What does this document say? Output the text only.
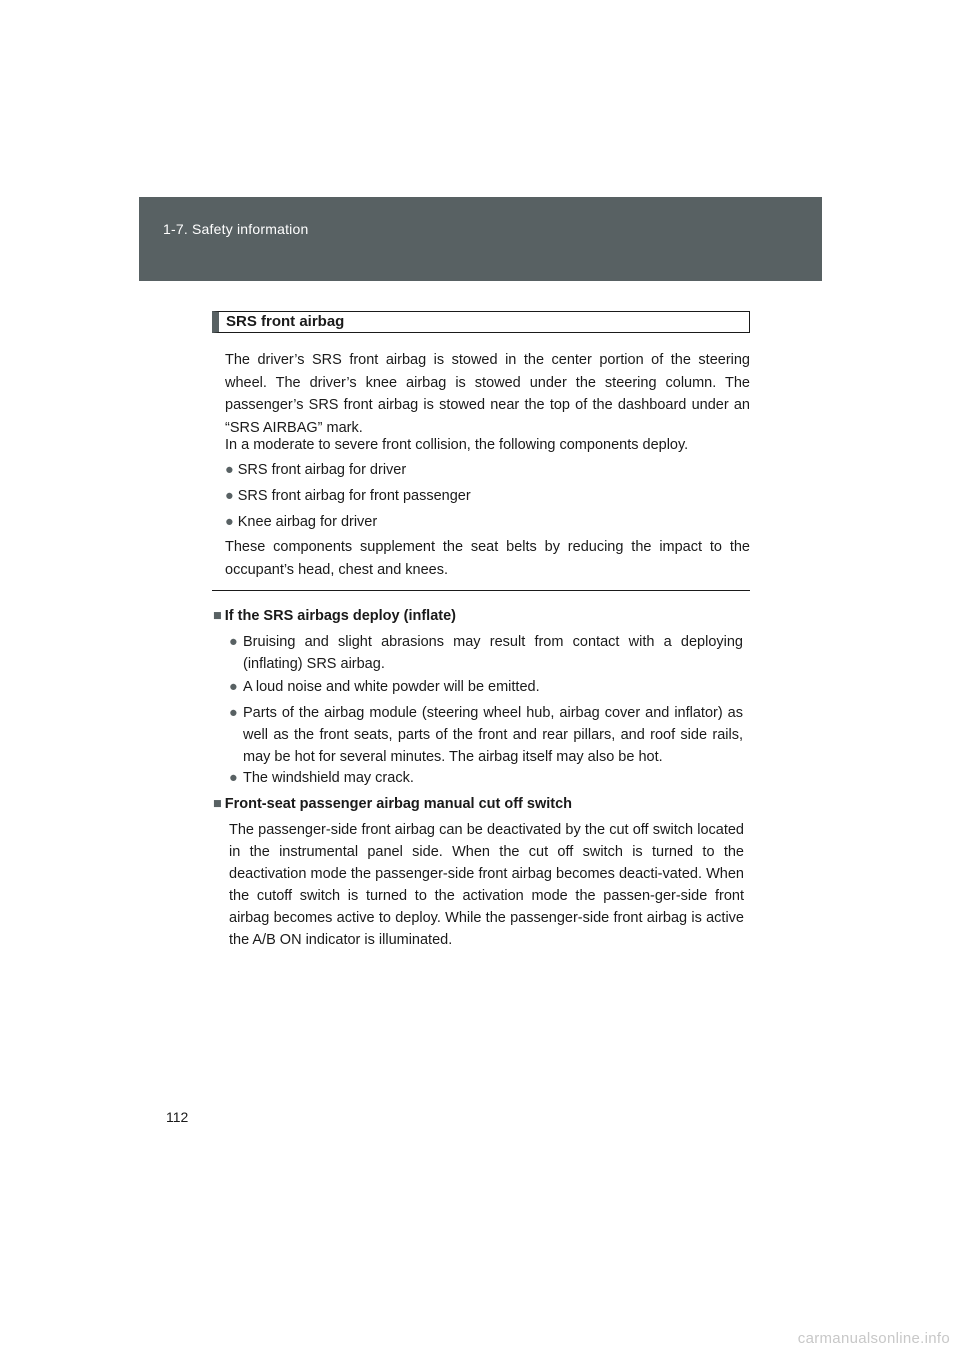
1-7. Safety information
SRS front airbag
The driver’s SRS front airbag is stowed in the center portion of the steering wheel. The driver’s knee airbag is stowed under the steering column. The passenger’s SRS front airbag is stowed near the top of the dashboard under an “SRS AIRBAG” mark.
In a moderate to severe front collision, the following components deploy.
● SRS front airbag for driver
● SRS front airbag for front passenger
● Knee airbag for driver
These components supplement the seat belts by reducing the impact to the occupant’s head, chest and knees.
■ If the SRS airbags deploy (inflate)
● Bruising and slight abrasions may result from contact with a deploying (inflating) SRS airbag.
● A loud noise and white powder will be emitted.
● Parts of the airbag module (steering wheel hub, airbag cover and inflator) as well as the front seats, parts of the front and rear pillars, and roof side rails, may be hot for several minutes. The airbag itself may also be hot.
● The windshield may crack.
■ Front-seat passenger airbag manual cut off switch
The passenger-side front airbag can be deactivated by the cut off switch located in the instrumental panel side. When the cut off switch is turned to the deactivation mode the passenger-side front airbag becomes deacti-vated. When the cutoff switch is turned to the activation mode the passen-ger-side front airbag becomes active to deploy. While the passenger-side front airbag is active the A/B ON indicator is illuminated.
112
carmanualsonline.info
